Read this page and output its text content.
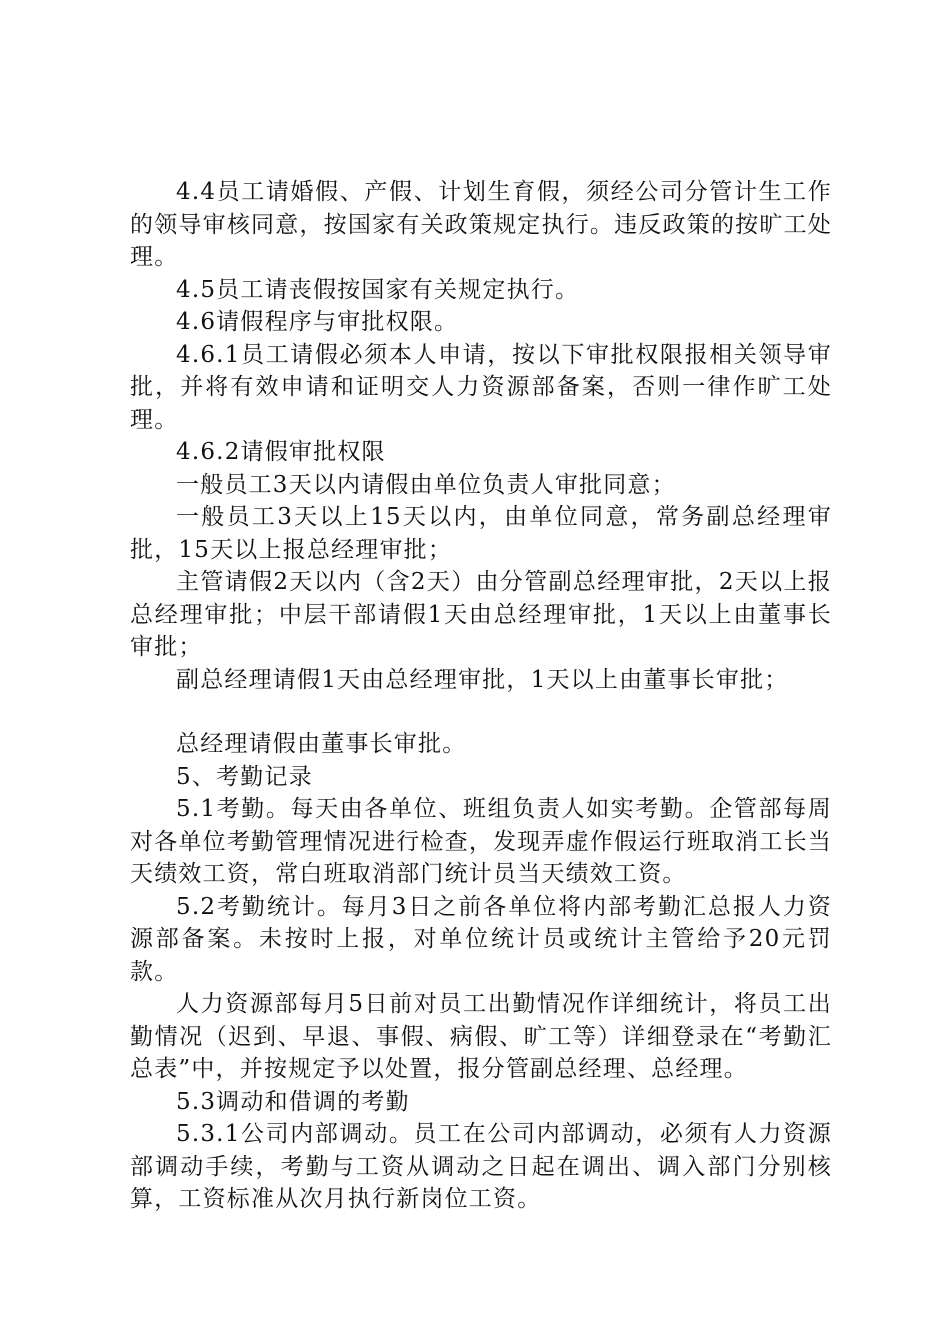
4.4员工请婚假、产假、计划生育假，须经公司分管计生工作的领导审核同意，按国家有关政策规定执行。违反政策的按旷工处理。

4.5员工请丧假按国家有关规定执行。

4.6请假程序与审批权限。

4.6.1员工请假必须本人申请，按以下审批权限报相关领导审批，并将有效申请和证明交人力资源部备案，否则一律作旷工处理。

4.6.2请假审批权限

一般员工3天以内请假由单位负责人审批同意；

一般员工3天以上15天以内，由单位同意，常务副总经理审批，15天以上报总经理审批；

主管请假2天以内（含2天）由分管副总经理审批，2天以上报总经理审批；中层干部请假1天由总经理审批，1天以上由董事长审批；

副总经理请假1天由总经理审批，1天以上由董事长审批；

总经理请假由董事长审批。

5、考勤记录

5.1考勤。每天由各单位、班组负责人如实考勤。企管部每周对各单位考勤管理情况进行检查，发现弄虚作假运行班取消工长当天绩效工资，常白班取消部门统计员当天绩效工资。

5.2考勤统计。每月3日之前各单位将内部考勤汇总报人力资源部备案。未按时上报，对单位统计员或统计主管给予20元罚款。

人力资源部每月5日前对员工出勤情况作详细统计，将员工出勤情况（迟到、早退、事假、病假、旷工等）详细登录在“考勤汇总表”中，并按规定予以处置，报分管副总经理、总经理。

5.3调动和借调的考勤

5.3.1公司内部调动。员工在公司内部调动，必须有人力资源部调动手续，考勤与工资从调动之日起在调出、调入部门分别核算，工资标准从次月执行新岗位工资。
